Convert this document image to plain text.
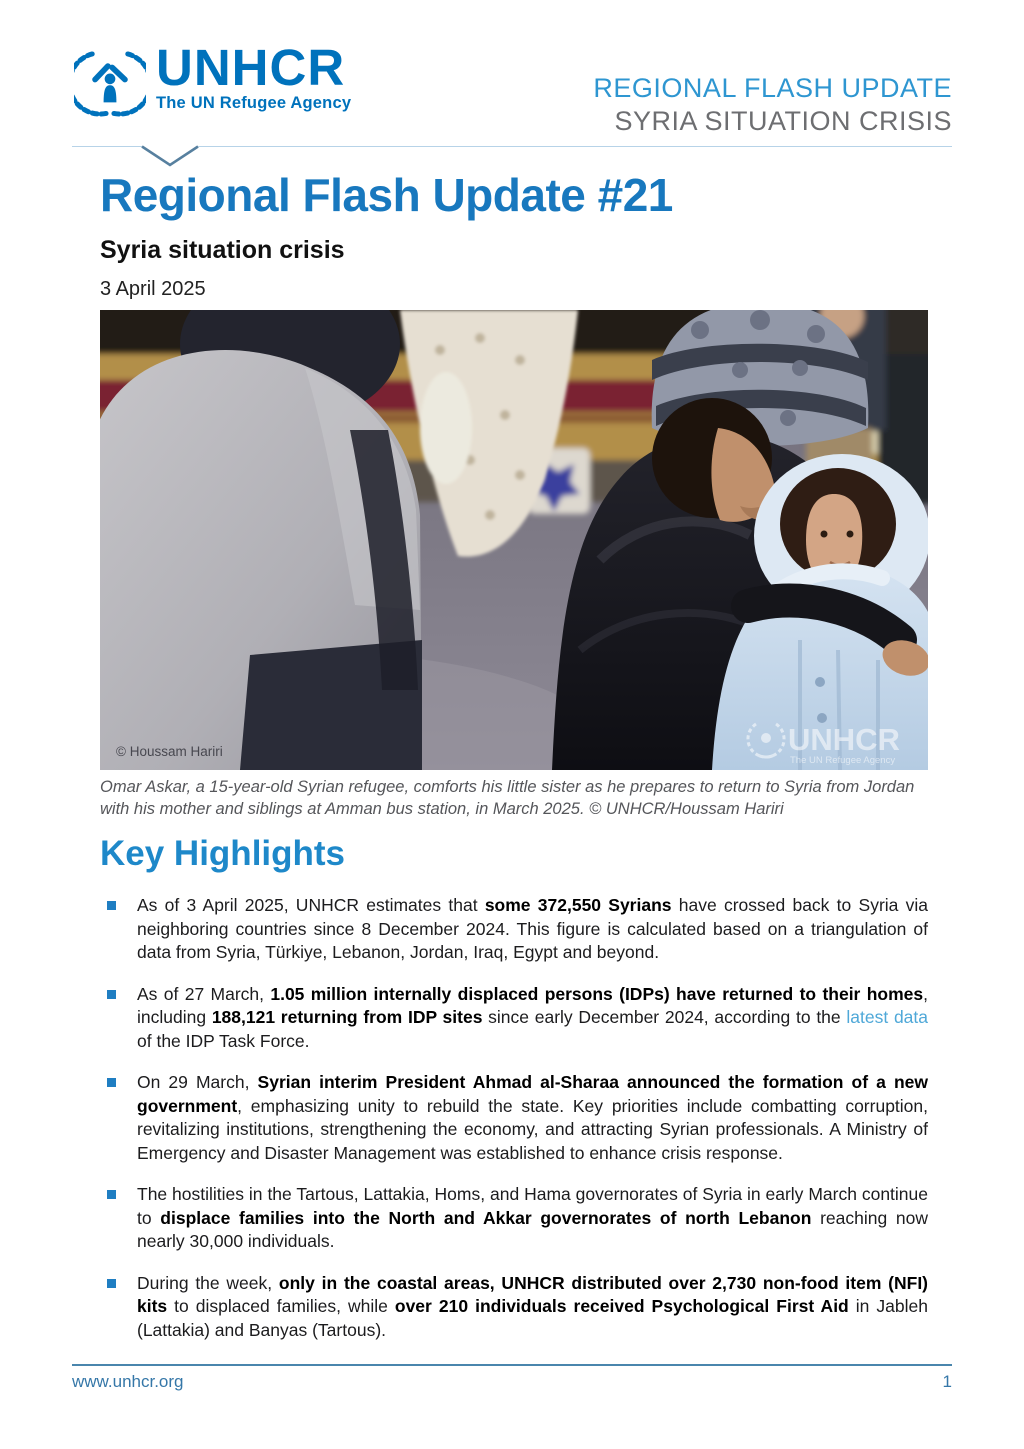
UNHCR
The UN Refugee Agency	REGIONAL FLASH UPDATE
SYRIA SITUATION CRISIS
Regional Flash Update #21
Syria situation crisis
3 April 2025
© Houssam Hariri	UNHCR
The UN Refugee Agency
Omar Askar, a 15-year-old Syrian refugee, comforts his little sister as he prepares to return to Syria from Jordan with his mother and siblings at Amman bus station, in March 2025. © UNHCR/Houssam Hariri
Key Highlights
As of 3 April 2025, UNHCR estimates that some 372,550 Syrians have crossed back to Syria via neighboring countries since 8 December 2024. This figure is calculated based on a triangulation of data from Syria, Türkiye, Lebanon, Jordan, Iraq, Egypt and beyond.
As of 27 March, 1.05 million internally displaced persons (IDPs) have returned to their homes, including 188,121 returning from IDP sites since early December 2024, according to the latest data of the IDP Task Force.
On 29 March, Syrian interim President Ahmad al-Sharaa announced the formation of a new government, emphasizing unity to rebuild the state. Key priorities include combatting corruption, revitalizing institutions, strengthening the economy, and attracting Syrian professionals. A Ministry of Emergency and Disaster Management was established to enhance crisis response.
The hostilities in the Tartous, Lattakia, Homs, and Hama governorates of Syria in early March continue to displace families into the North and Akkar governorates of north Lebanon reaching now nearly 30,000 individuals.
During the week, only in the coastal areas, UNHCR distributed over 2,730 non-food item (NFI) kits to displaced families, while over 210 individuals received Psychological First Aid in Jableh (Lattakia) and Banyas (Tartous).
www.unhcr.org	1
